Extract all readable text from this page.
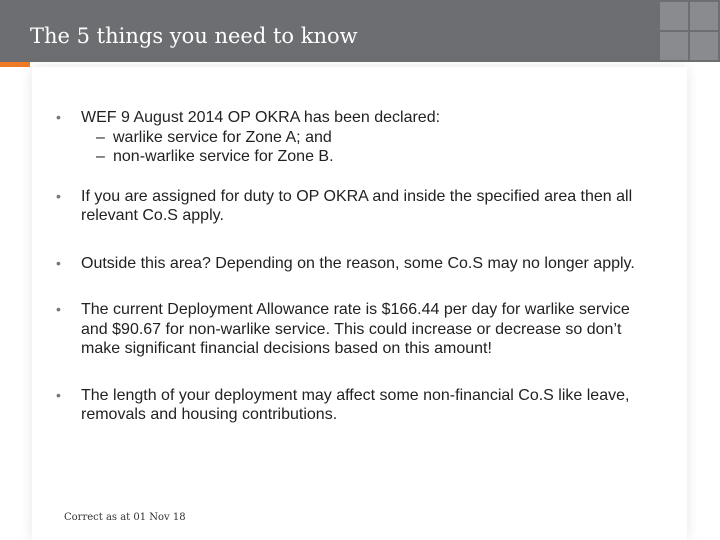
The 5 things you need to know
• WEF 9 August 2014 OP OKRA has been declared:
– warlike service for Zone A; and
– non-warlike service for Zone B.
• If you are assigned for duty to OP OKRA and inside the specified area then all relevant Co.S apply.
• Outside this area? Depending on the reason, some Co.S may no longer apply.
• The current Deployment Allowance rate is $166.44 per day for warlike service and $90.67 for non-warlike service. This could increase or decrease so don’t make significant financial decisions based on this amount!
• The length of your deployment may affect some non-financial Co.S like leave, removals and housing contributions.
Correct as at 01 Nov 18
